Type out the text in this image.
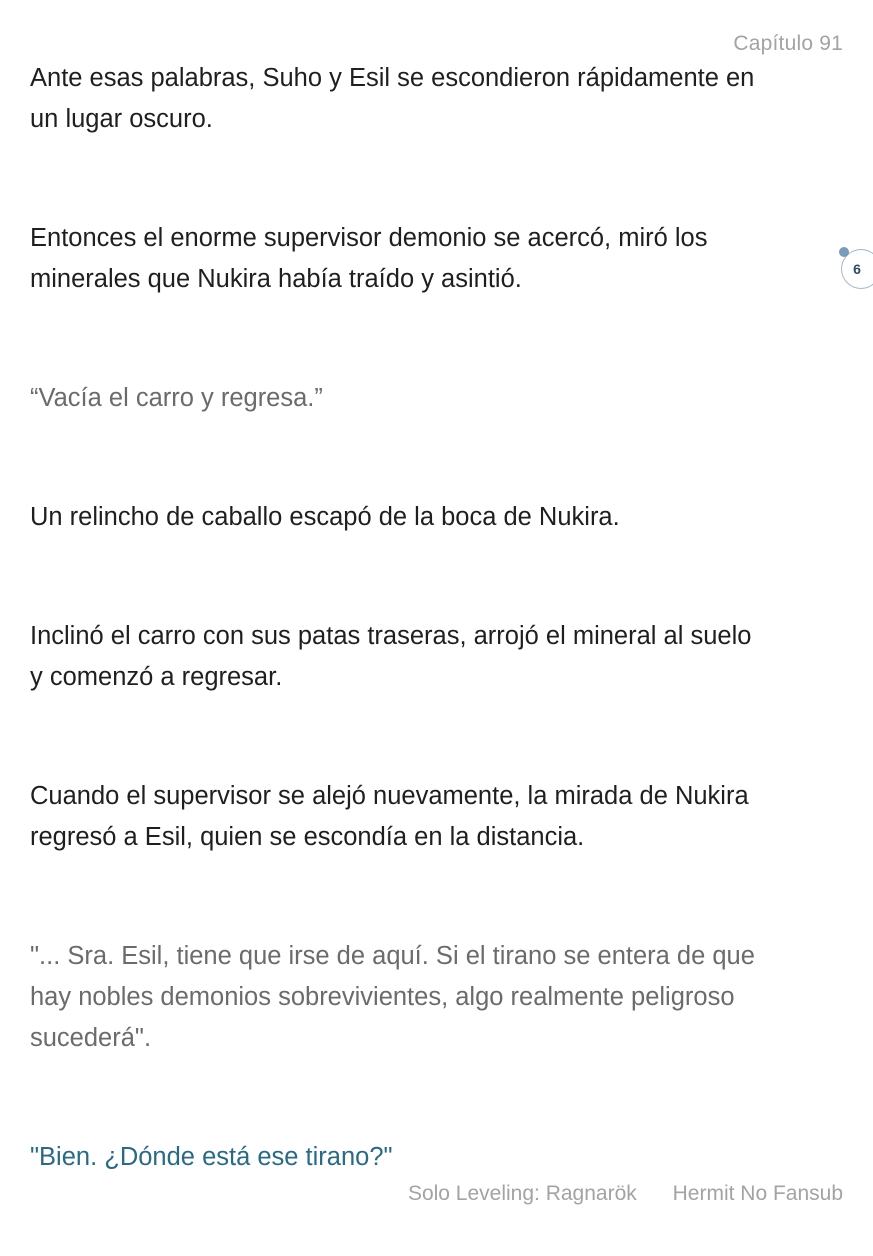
Capítulo 91

Ante esas palabras, Suho y Esil se escondieron rápidamente en
un lugar oscuro.

Entonces el enorme supervisor demonio se acercó, miró los
minerales que Nukira había traído y asintió.

“Vacía el carro y regresa.”

Un relincho de caballo escapó de la boca de Nukira.

Inclinó el carro con sus patas traseras, arrojó el mineral al suelo
y comenzó a regresar.

Cuando el supervisor se alejó nuevamente, la mirada de Nukira
regresó a Esil, quien se escondía en la distancia.

"... Sra. Esil, tiene que irse de aquí. Si el tirano se entera de que
hay nobles demonios sobrevivientes, algo realmente peligroso
sucederá".

"Bien. ¿Dónde está ese tirano?"

6
Solo Leveling: Ragnarök Hermit No Fansub
